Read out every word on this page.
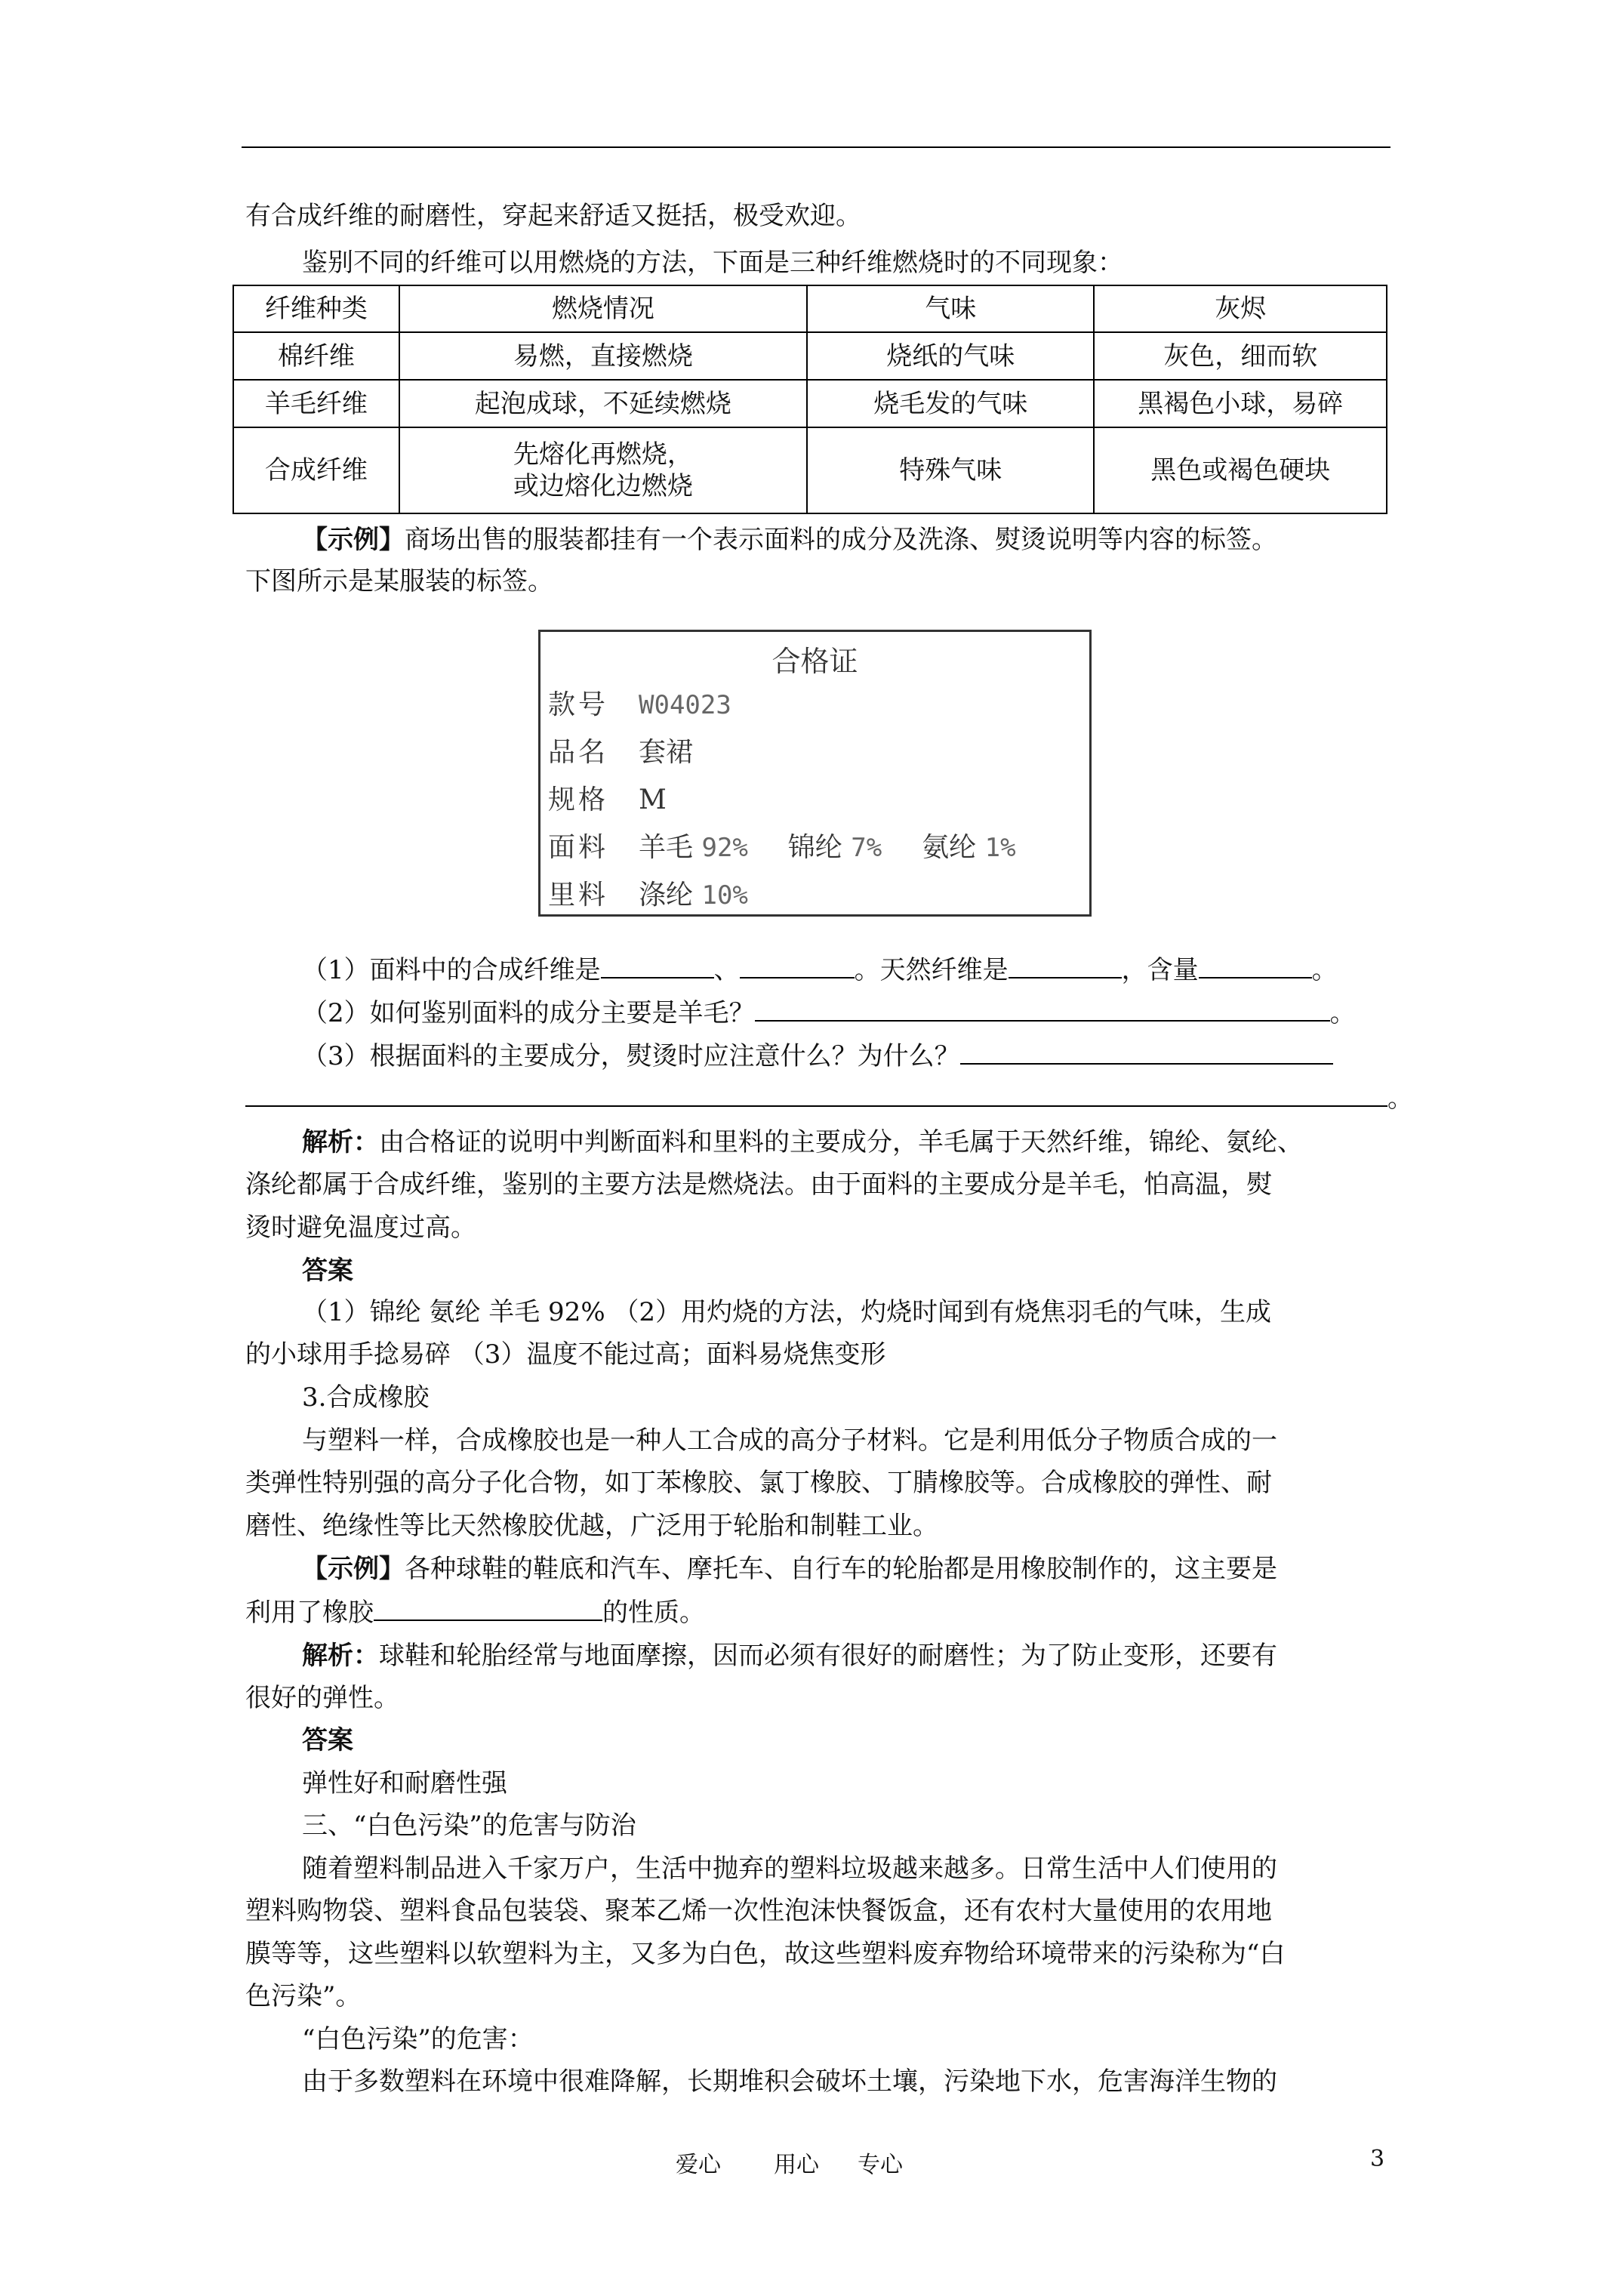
有合成纤维的耐磨性，穿起来舒适又挺括，极受欢迎。
鉴别不同的纤维可以用燃烧的方法，下面是三种纤维燃烧时的不同现象：
纤维种类	燃烧情况	气味	灰烬
棉纤维	易燃，直接燃烧	烧纸的气味	灰色，细而软
羊毛纤维	起泡成球，不延续燃烧	烧毛发的气味	黑褐色小球，易碎
合成纤维	先熔化再燃烧，
或边熔化边燃烧	特殊气味	黑色或褐色硬块
【示例】商场出售的服装都挂有一个表示面料的成分及洗涤、熨烫说明等内容的标签。
下图所示是某服装的标签。
合格证
款号 W04023
品名 套裙
规格 M
面料 羊毛 92% 锦纶 7% 氨纶 1%
里料 涤纶 10%
（1）面料中的合成纤维是	、	。天然纤维是	，含量	。
（2）如何鉴别面料的成分主要是羊毛？	。
（3）根据面料的主要成分，熨烫时应注意什么？为什么？
。
解析：由合格证的说明中判断面料和里料的主要成分，羊毛属于天然纤维，锦纶、氨纶、
涤纶都属于合成纤维，鉴别的主要方法是燃烧法。由于面料的主要成分是羊毛，怕高温，熨
烫时避免温度过高。
答案
（1）锦纶 氨纶 羊毛 92% （2）用灼烧的方法，灼烧时闻到有烧焦羽毛的气味，生成
的小球用手捻易碎 （3）温度不能过高；面料易烧焦变形
3.合成橡胶
与塑料一样，合成橡胶也是一种人工合成的高分子材料。它是利用低分子物质合成的一
类弹性特别强的高分子化合物，如丁苯橡胶、氯丁橡胶、丁腈橡胶等。合成橡胶的弹性、耐
磨性、绝缘性等比天然橡胶优越，广泛用于轮胎和制鞋工业。
【示例】各种球鞋的鞋底和汽车、摩托车、自行车的轮胎都是用橡胶制作的，这主要是
利用了橡胶	的性质。
解析：球鞋和轮胎经常与地面摩擦，因而必须有很好的耐磨性；为了防止变形，还要有
很好的弹性。
答案
弹性好和耐磨性强
三、“白色污染”的危害与防治
随着塑料制品进入千家万户，生活中抛弃的塑料垃圾越来越多。日常生活中人们使用的
塑料购物袋、塑料食品包装袋、聚苯乙烯一次性泡沫快餐饭盒，还有农村大量使用的农用地
膜等等，这些塑料以软塑料为主，又多为白色，故这些塑料废弃物给环境带来的污染称为“白
色污染”。
“白色污染”的危害：
由于多数塑料在环境中很难降解，长期堆积会破坏土壤，污染地下水，危害海洋生物的
爱心 用心 专心	3
